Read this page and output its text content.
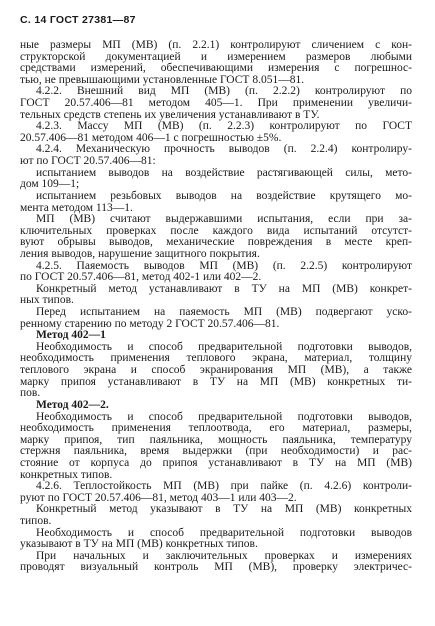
С. 14 ГОСТ 27381—87
ные размеры МП (МВ) (п. 2.2.1) контролируют сличением с кон-
структорской документацией и измерением размеров любыми
средствами измерений, обеспечивающими измерения с погрешнос-
тью, не превышающими установленные ГОСТ 8.051—81.
4.2.2. Внешний вид МП (МВ) (п. 2.2.2) контролируют по
ГОСТ 20.57.406—81 методом 405—1. При применении увеличи-
тельных средств степень их увеличения устанавливают в ТУ.
4.2.3. Массу МП (МВ) (п. 2.2.3) контролируют по ГОСТ
20.57.406—81 методом 406—1 с погрешностью ±5%.
4.2.4. Механическую прочность выводов (п. 2.2.4) контролиру-
ют по ГОСТ 20.57.406—81:
испытанием выводов на воздействие растягивающей силы, мето-
дом 109—1;
испытанием резьбовых выводов на воздействие крутящего мо-
мента методом 113—1.
МП (МВ) считают выдержавшими испытания, если при за-
ключительных проверках после каждого вида испытаний отсутст-
вуют обрывы выводов, механические повреждения в месте креп-
ления выводов, нарушение защитного покрытия.
4.2.5. Паяемость выводов МП (МВ) (п. 2.2.5) контролируют
по ГОСТ 20.57.406—81, метод 402-1 или 402—2.
Конкретный метод устанавливают в ТУ на МП (МВ) конкрет-
ных типов.
Перед испытанием на паяемость МП (МВ) подвергают уско-
ренному старению по методу 2 ГОСТ 20.57.406—81.
Метод 402—1
Необходимость и способ предварительной подготовки выводов,
необходимость применения теплового экрана, материал, толщину
теплового экрана и способ экранирования МП (МВ), а также
марку припоя устанавливают в ТУ на МП (МВ) конкретных ти-
пов.
Метод 402—2.
Необходимость и способ предварительной подготовки выводов,
необходимость применения теплоотвода, его материал, размеры,
марку припоя, тип паяльника, мощность паяльника, температуру
стержня паяльника, время выдержки (при необходимости) и рас-
стояние от корпуса до припоя устанавливают в ТУ на МП (МВ)
конкретных типов.
4.2.6. Теплостойкость МП (МВ) при пайке (п. 4.2.6) контроли-
руют по ГОСТ 20.57.406—81, метод 403—1 или 403—2.
Конкретный метод указывают в ТУ на МП (МВ) конкретных
типов.
Необходимость и способ предварительной подготовки выводов
указывают в ТУ на МП (МВ) конкретных типов.
При начальных и заключительных проверках и измерениях
проводят визуальный контроль МП (МВ), проверку электричес-
